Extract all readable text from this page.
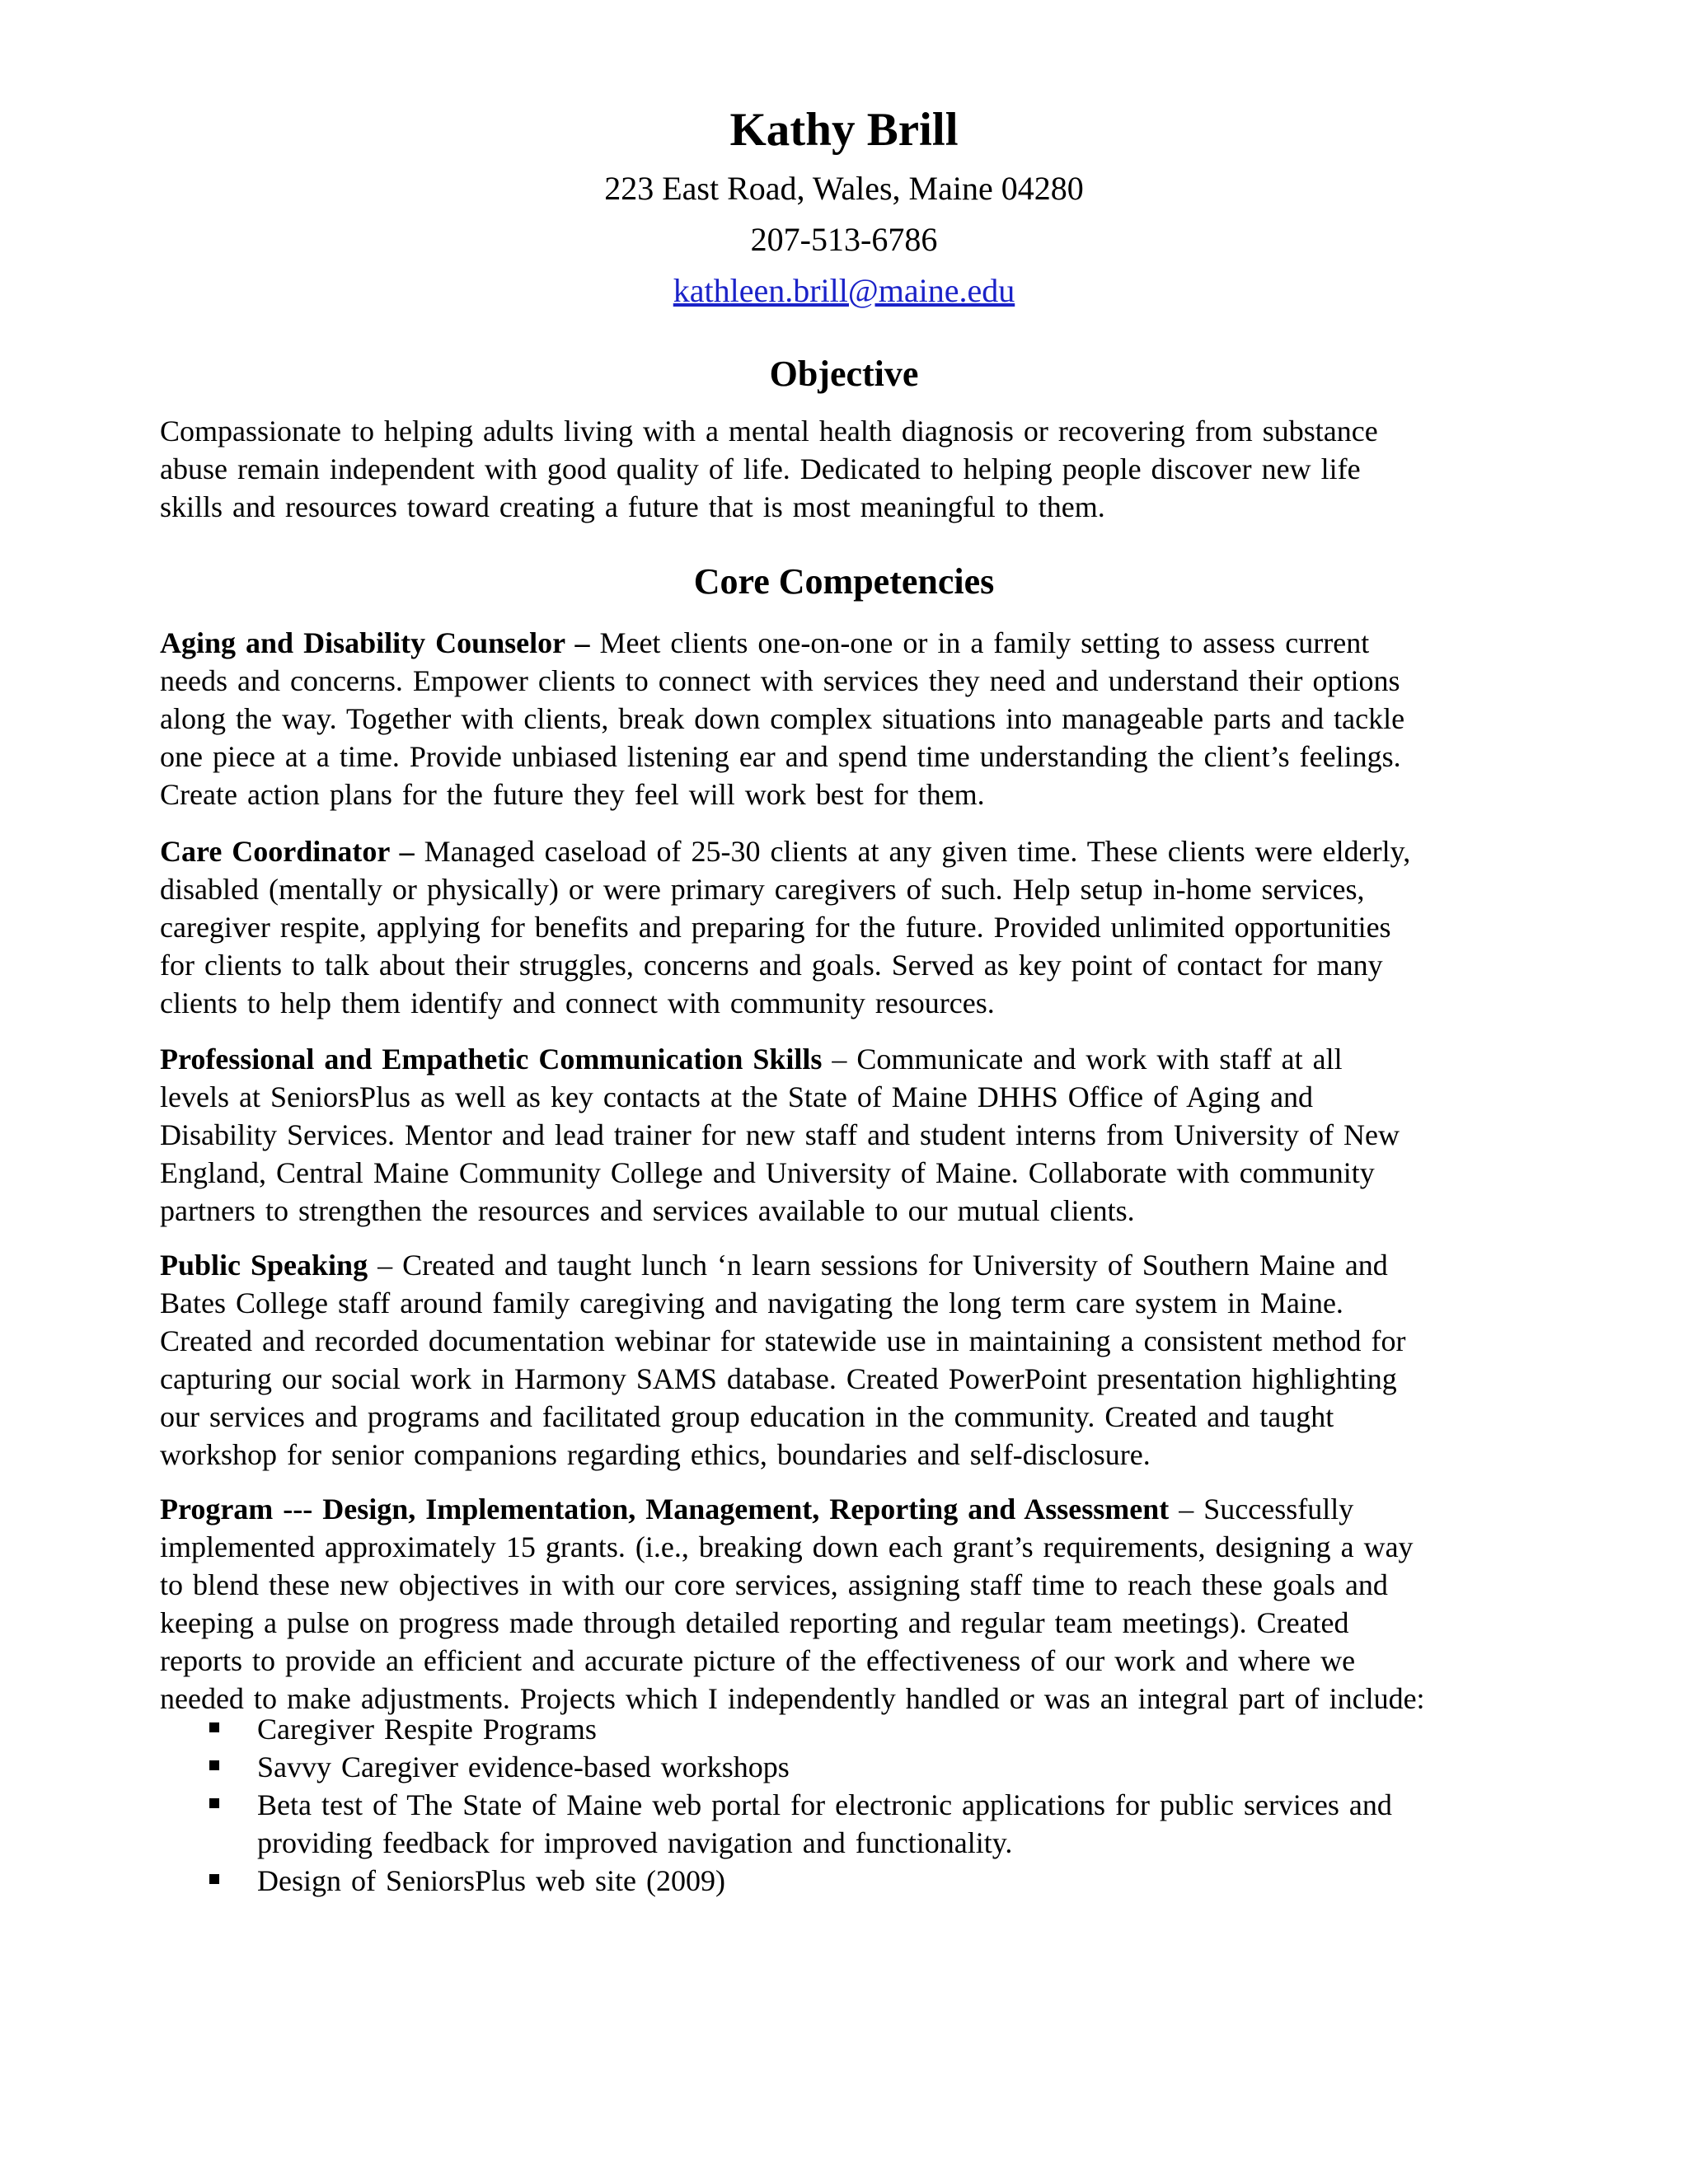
Kathy Brill

223 East Road, Wales, Maine 04280

207-513-6786

kathleen.brill@maine.edu

Objective

Compassionate to helping adults living with a mental health diagnosis or recovering from substance
abuse remain independent with good quality of life. Dedicated to helping people discover new life
skills and resources toward creating a future that is most meaningful to them.

Core Competencies

Aging and Disability Counselor – Meet clients one-on-one or in a family setting to assess current
needs and concerns. Empower clients to connect with services they need and understand their options
along the way. Together with clients, break down complex situations into manageable parts and tackle
one piece at a time. Provide unbiased listening ear and spend time understanding the client’s feelings.
Create action plans for the future they feel will work best for them.

Care Coordinator – Managed caseload of 25-30 clients at any given time. These clients were elderly,
disabled (mentally or physically) or were primary caregivers of such. Help setup in-home services,
caregiver respite, applying for benefits and preparing for the future. Provided unlimited opportunities
for clients to talk about their struggles, concerns and goals. Served as key point of contact for many
clients to help them identify and connect with community resources.

Professional and Empathetic Communication Skills – Communicate and work with staff at all
levels at SeniorsPlus as well as key contacts at the State of Maine DHHS Office of Aging and
Disability Services. Mentor and lead trainer for new staff and student interns from University of New
England, Central Maine Community College and University of Maine. Collaborate with community
partners to strengthen the resources and services available to our mutual clients.

Public Speaking – Created and taught lunch ‘n learn sessions for University of Southern Maine and
Bates College staff around family caregiving and navigating the long term care system in Maine.
Created and recorded documentation webinar for statewide use in maintaining a consistent method for
capturing our social work in Harmony SAMS database. Created PowerPoint presentation highlighting
our services and programs and facilitated group education in the community. Created and taught
workshop for senior companions regarding ethics, boundaries and self-disclosure.

Program --- Design, Implementation, Management, Reporting and Assessment – Successfully
implemented approximately 15 grants. (i.e., breaking down each grant’s requirements, designing a way
to blend these new objectives in with our core services, assigning staff time to reach these goals and
keeping a pulse on progress made through detailed reporting and regular team meetings). Created
reports to provide an efficient and accurate picture of the effectiveness of our work and where we
needed to make adjustments. Projects which I independently handled or was an integral part of include:

Caregiver Respite Programs
Savvy Caregiver evidence-based workshops
Beta test of The State of Maine web portal for electronic applications for public services and
providing feedback for improved navigation and functionality.
Design of SeniorsPlus web site (2009)
